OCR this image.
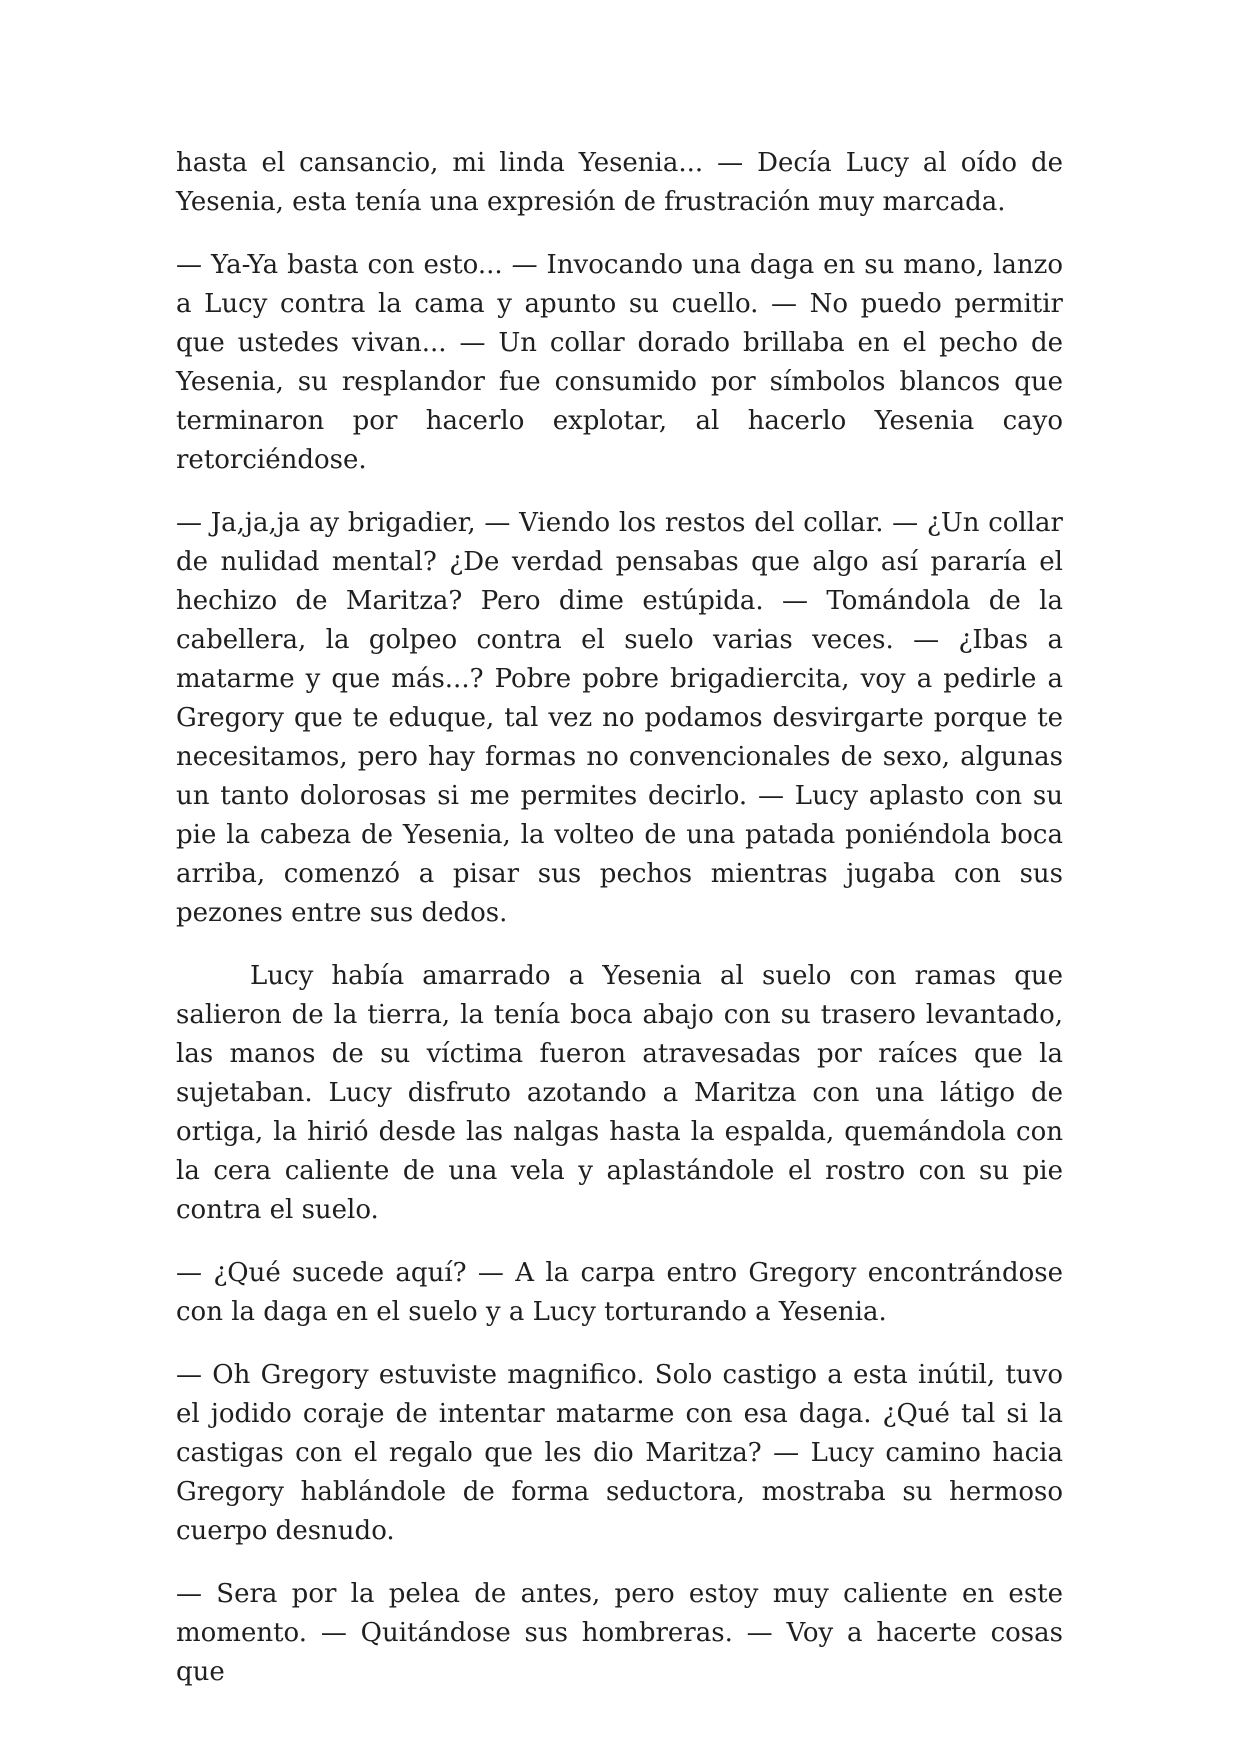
hasta el cansancio, mi linda Yesenia... — Decía Lucy al oído de Yesenia, esta tenía una expresión de frustración muy marcada.

— Ya-Ya basta con esto... — Invocando una daga en su mano, lanzo a Lucy contra la cama y apunto su cuello. — No puedo permitir que ustedes vivan... — Un collar dorado brillaba en el pecho de Yesenia, su resplandor fue consumido por símbolos blancos que terminaron por hacerlo explotar, al hacerlo Yesenia cayo retorciéndose.

— Ja,ja,ja ay brigadier, — Viendo los restos del collar. — ¿Un collar de nulidad mental? ¿De verdad pensabas que algo así pararía el hechizo de Maritza? Pero dime estúpida. — Tomándola de la cabellera, la golpeo contra el suelo varias veces. — ¿Ibas a matarme y que más...? Pobre pobre brigadiercita, voy a pedirle a Gregory que te eduque, tal vez no podamos desvirgarte porque te necesitamos, pero hay formas no convencionales de sexo, algunas un tanto dolorosas si me permites decirlo. — Lucy aplasto con su pie la cabeza de Yesenia, la volteo de una patada poniéndola boca arriba, comenzó a pisar sus pechos mientras jugaba con sus pezones entre sus dedos.

Lucy había amarrado a Yesenia al suelo con ramas que salieron de la tierra, la tenía boca abajo con su trasero levantado, las manos de su víctima fueron atravesadas por raíces que la sujetaban. Lucy disfruto azotando a Maritza con una látigo de ortiga, la hirió desde las nalgas hasta la espalda, quemándola con la cera caliente de una vela y aplastándole el rostro con su pie contra el suelo.

— ¿Qué sucede aquí? — A la carpa entro Gregory encontrándose con la daga en el suelo y a Lucy torturando a Yesenia.

— Oh Gregory estuviste magnifico. Solo castigo a esta inútil, tuvo el jodido coraje de intentar matarme con esa daga. ¿Qué tal si la castigas con el regalo que les dio Maritza? — Lucy camino hacia Gregory hablándole de forma seductora, mostraba su hermoso cuerpo desnudo.

— Sera por la pelea de antes, pero estoy muy caliente en este momento. — Quitándose sus hombreras. — Voy a hacerte cosas que
